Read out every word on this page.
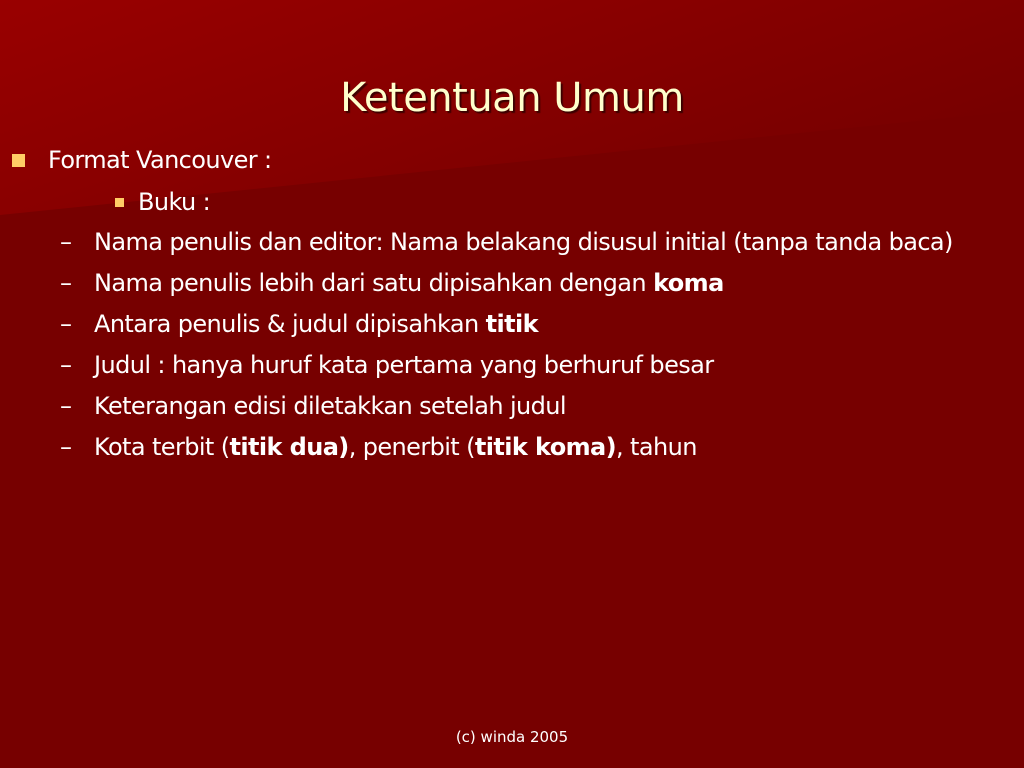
Ketentuan Umum
Format Vancouver :
Buku :
– Nama penulis dan editor: Nama belakang disusul initial (tanpa tanda baca)
– Nama penulis lebih dari satu dipisahkan dengan koma
– Antara penulis & judul dipisahkan titik
– Judul : hanya huruf kata pertama yang berhuruf besar
– Keterangan edisi diletakkan setelah judul
– Kota terbit (titik dua), penerbit (titik koma), tahun
(c) winda 2005
